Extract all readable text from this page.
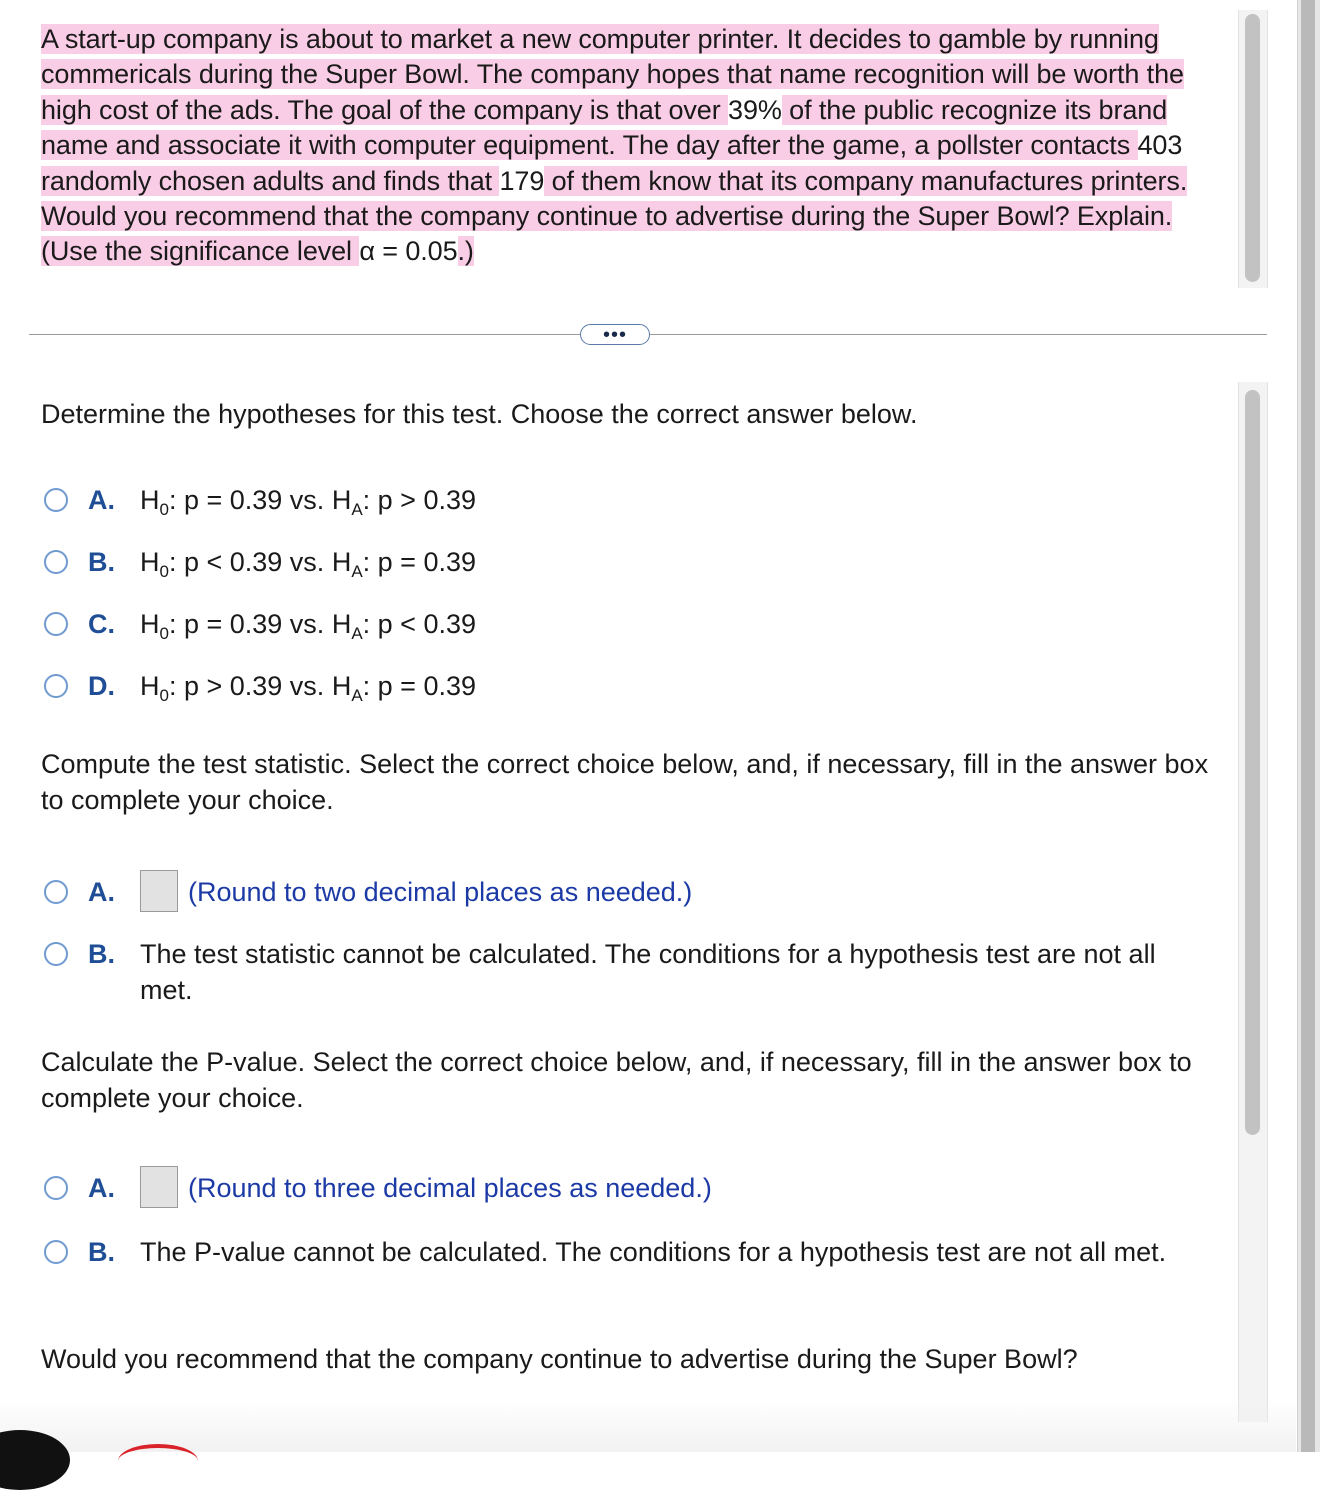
A start-up company is about to market a new computer printer. It decides to gamble by running commericals during the Super Bowl. The company hopes that name recognition will be worth the high cost of the ads. The goal of the company is that over 39% of the public recognize its brand name and associate it with computer equipment. The day after the game, a pollster contacts 403 randomly chosen adults and finds that 179 of them know that its company manufactures printers. Would you recommend that the company continue to advertise during the Super Bowl? Explain. (Use the significance level α = 0.05.)
•••
Determine the hypotheses for this test. Choose the correct answer below.
A. $H_0$: p = 0.39 vs. $H_A$: p > 0.39
B. $H_0$: p < 0.39 vs. $H_A$: p = 0.39
C. $H_0$: p = 0.39 vs. $H_A$: p < 0.39
D. $H_0$: p > 0.39 vs. $H_A$: p = 0.39
Compute the test statistic. Select the correct choice below, and, if necessary, fill in the answer box to complete your choice.
A.	(Round to two decimal places as needed.)
B. The test statistic cannot be calculated. The conditions for a hypothesis test are not all met.
Calculate the P-value. Select the correct choice below, and, if necessary, fill in the answer box to complete your choice.
A.	(Round to three decimal places as needed.)
B. The P-value cannot be calculated. The conditions for a hypothesis test are not all met.
Would you recommend that the company continue to advertise during the Super Bowl?
